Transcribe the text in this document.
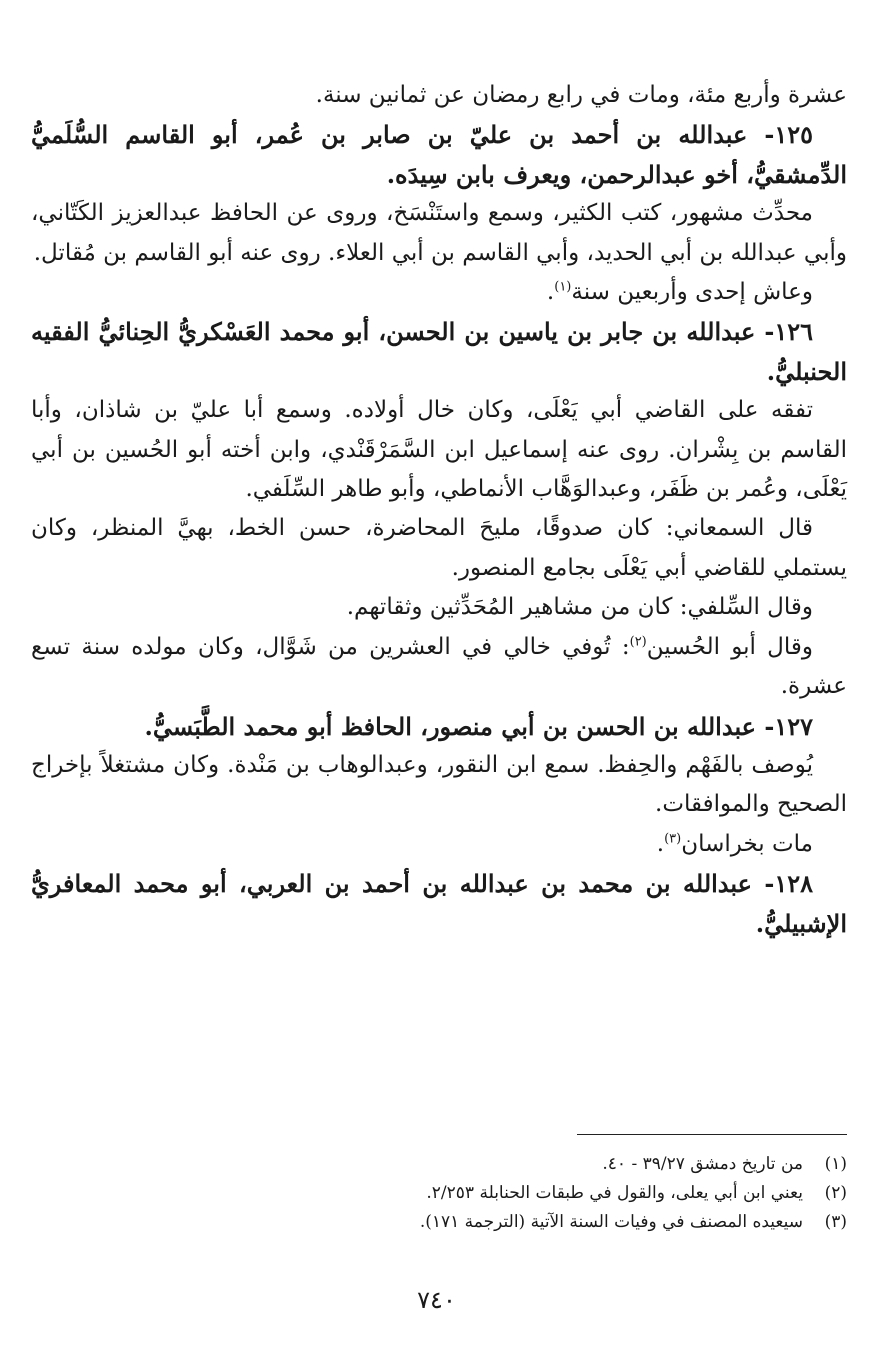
عشرة وأربع مئة، ومات في رابع رمضان عن ثمانين سنة.

١٢٥- عبدالله بن أحمد بن عليّ بن صابر بن عُمر، أبو القاسم السُّلَميُّ الدِّمشقيُّ، أخو عبدالرحمن، ويعرف بابن سِيدَه.

محدِّث مشهور، كتب الكثير، وسمع واستَنْسَخ، وروى عن الحافظ عبدالعزيز الكَتّاني، وأبي عبدالله بن أبي الحديد، وأبي القاسم بن أبي العلاء. روى عنه أبو القاسم بن مُقاتل.

وعاش إحدى وأربعين سنة$^{(١)}$.

١٢٦- عبدالله بن جابر بن ياسين بن الحسن، أبو محمد العَسْكريُّ الحِنائيُّ الفقيه الحنبليُّ.

تفقه على القاضي أبي يَعْلَى، وكان خال أولاده. وسمع أبا عليّ بن شاذان، وأبا القاسم بن بِشْران. روى عنه إسماعيل ابن السَّمَرْقَنْدي، وابن أخته أبو الحُسين بن أبي يَعْلَى، وعُمر بن ظَفَر، وعبدالوَهَّاب الأنماطي، وأبو طاهر السِّلَفي.

قال السمعاني: كان صدوقًا، مليحَ المحاضرة، حسن الخط، بهيَّ المنظر، وكان يستملي للقاضي أبي يَعْلَى بجامع المنصور.

وقال السِّلفي: كان من مشاهير المُحَدِّثين وثقاتهم.

وقال أبو الحُسين$^{(٢)}$: تُوفي خالي في العشرين من شَوَّال، وكان مولده سنة تسع عشرة.

١٢٧- عبدالله بن الحسن بن أبي منصور، الحافظ أبو محمد الطَّبَسيُّ.

يُوصف بالفَهْم والحِفظ. سمع ابن النقور، وعبدالوهاب بن مَنْدة. وكان مشتغلاً بإخراج الصحيح والموافقات.

مات بخراسان$^{(٣)}$.

١٢٨- عبدالله بن محمد بن عبدالله بن أحمد بن العربي، أبو محمد المعافريُّ الإشبيليُّ.

(١)من تاريخ دمشق ٣٩/٢٧ - ٤٠.

(٢)يعني ابن أبي يعلى، والقول في طبقات الحنابلة ٢/٢٥٣.

(٣)سيعيده المصنف في وفيات السنة الآتية (الترجمة ١٧١).

٧٤٠
